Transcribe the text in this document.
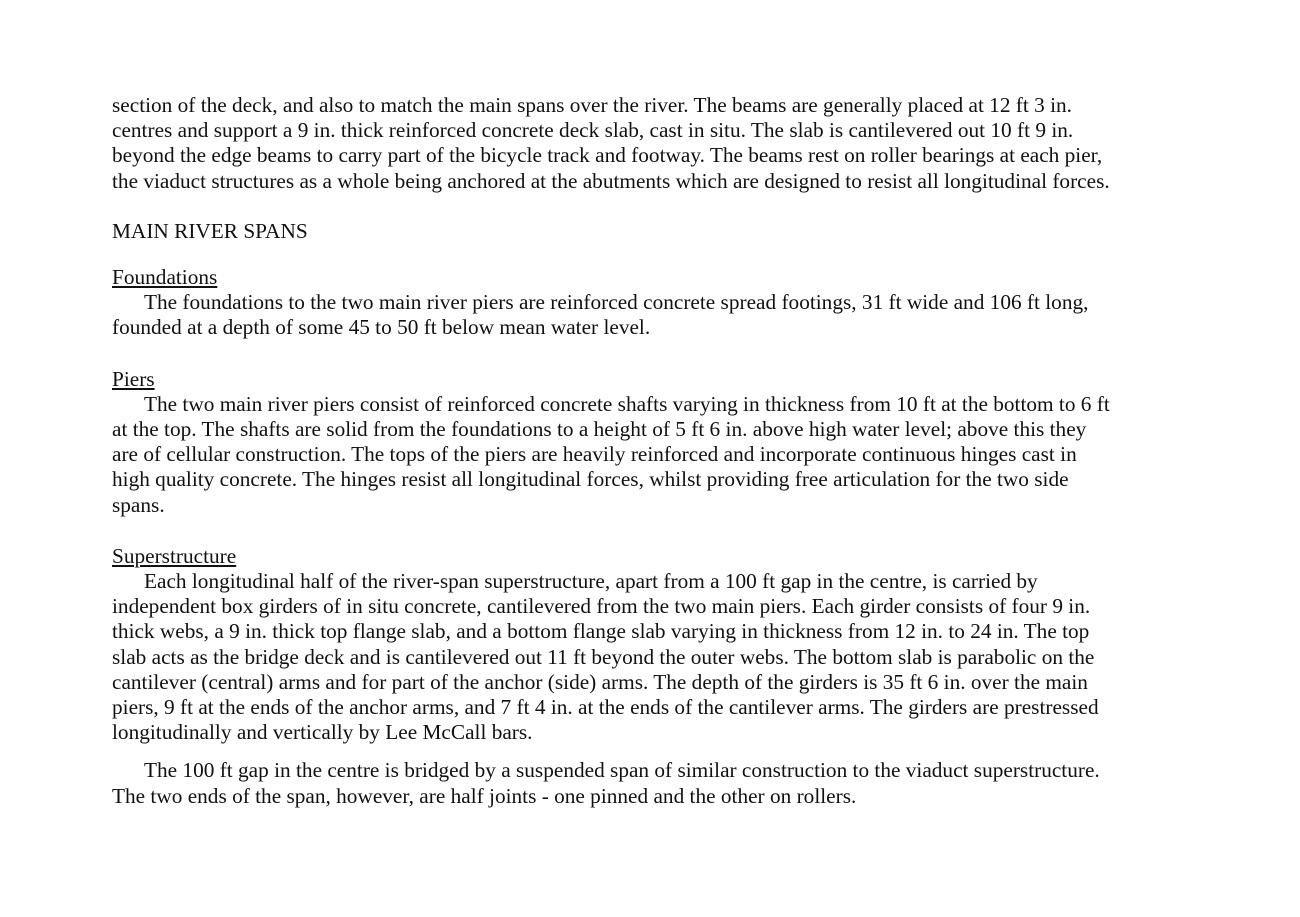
section of the deck, and also to match the main spans over the river. The beams are generally placed at 12 ft 3 in.
centres and support a 9 in. thick reinforced concrete deck slab, cast in situ. The slab is cantilevered out 10 ft 9 in.
beyond the edge beams to carry part of the bicycle track and footway. The beams rest on roller bearings at each pier,
the viaduct structures as a whole being anchored at the abutments which are designed to resist all longitudinal forces.
MAIN RIVER SPANS
Foundations
The foundations to the two main river piers are reinforced concrete spread footings, 31 ft wide and 106 ft long,
founded at a depth of some 45 to 50 ft below mean water level.
Piers
The two main river piers consist of reinforced concrete shafts varying in thickness from 10 ft at the bottom to 6 ft
at the top. The shafts are solid from the foundations to a height of 5 ft 6 in. above high water level; above this they
are of cellular construction. The tops of the piers are heavily reinforced and incorporate continuous hinges cast in
high quality concrete. The hinges resist all longitudinal forces, whilst providing free articulation for the two side
spans.
Superstructure
Each longitudinal half of the river-span superstructure, apart from a 100 ft gap in the centre, is carried by
independent box girders of in situ concrete, cantilevered from the two main piers. Each girder consists of four 9 in.
thick webs, a 9 in. thick top flange slab, and a bottom flange slab varying in thickness from 12 in. to 24 in. The top
slab acts as the bridge deck and is cantilevered out 11 ft beyond the outer webs. The bottom slab is parabolic on the
cantilever (central) arms and for part of the anchor (side) arms. The depth of the girders is 35 ft 6 in. over the main
piers, 9 ft at the ends of the anchor arms, and 7 ft 4 in. at the ends of the cantilever arms. The girders are prestressed
longitudinally and vertically by Lee McCall bars.
The 100 ft gap in the centre is bridged by a suspended span of similar construction to the viaduct superstructure.
The two ends of the span, however, are half joints - one pinned and the other on rollers.
